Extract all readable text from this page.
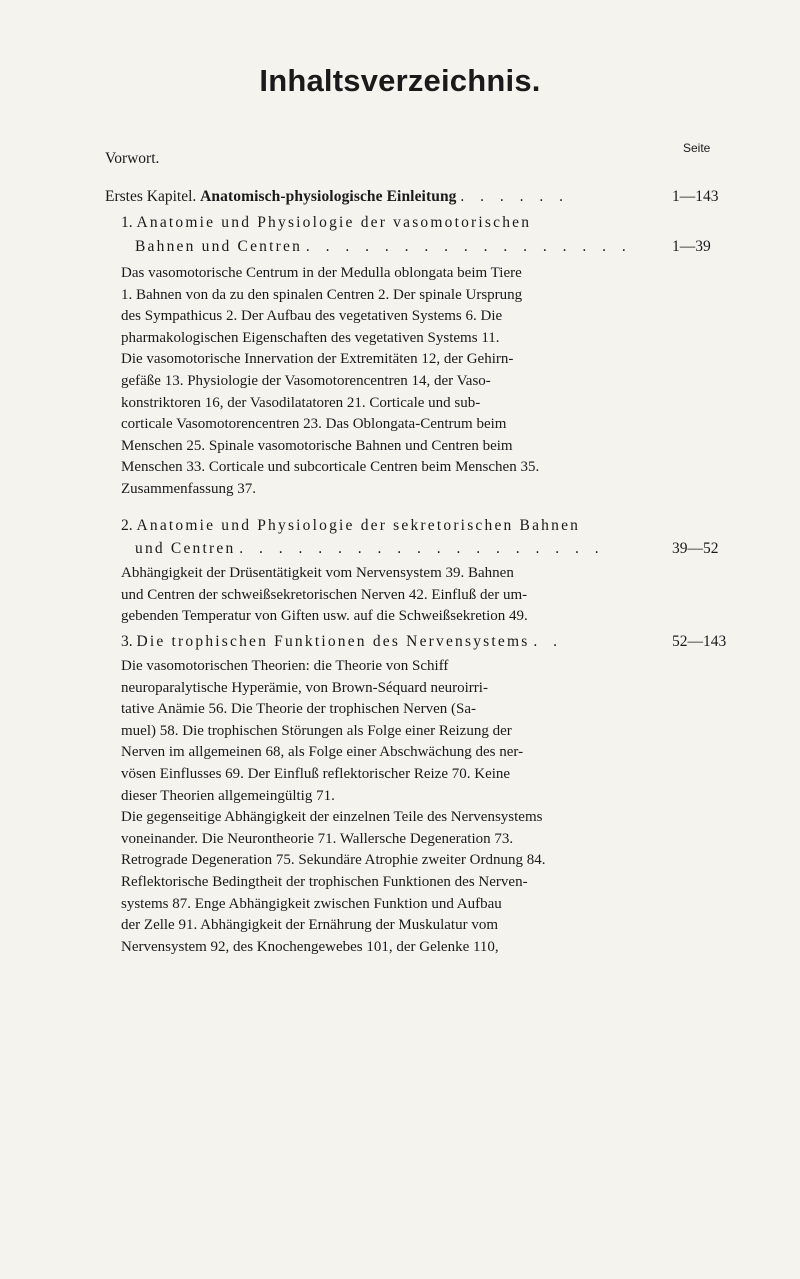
Inhaltsverzeichnis.
Seite
Vorwort.
Erstes Kapitel. Anatomisch-physiologische Einleitung . . . . . .	1—143
1. Anatomie und Physiologie der vasomotorischen
Bahnen und Centren . . . . . . . . . . . . . . . . .	1—39
Das vasomotorische Centrum in der Medulla oblongata beim Tiere
1. Bahnen von da zu den spinalen Centren 2. Der spinale Ursprung
des Sympathicus 2. Der Aufbau des vegetativen Systems 6. Die
pharmakologischen Eigenschaften des vegetativen Systems 11.
Die vasomotorische Innervation der Extremitäten 12, der Gehirn-
gefäße 13. Physiologie der Vasomotorencentren 14, der Vaso-
konstriktoren 16, der Vasodilatatoren 21. Corticale und sub-
corticale Vasomotorencentren 23. Das Oblongata-Centrum beim
Menschen 25. Spinale vasomotorische Bahnen und Centren beim
Menschen 33. Corticale und subcorticale Centren beim Menschen 35.
Zusammenfassung 37.
2. Anatomie und Physiologie der sekretorischen Bahnen
und Centren . . . . . . . . . . . . . . . . . . .	39—52
Abhängigkeit der Drüsentätigkeit vom Nervensystem 39. Bahnen
und Centren der schweißsekretorischen Nerven 42. Einfluß der um-
gebenden Temperatur von Giften usw. auf die Schweißsekretion 49.
3. Die trophischen Funktionen des Nervensystems . .	52—143
Die vasomotorischen Theorien: die Theorie von Schiff
neuroparalytische Hyperämie, von Brown-Séquard neuroirri-
tative Anämie 56. Die Theorie der trophischen Nerven (Sa-
muel) 58. Die trophischen Störungen als Folge einer Reizung der
Nerven im allgemeinen 68, als Folge einer Abschwächung des ner-
vösen Einflusses 69. Der Einfluß reflektorischer Reize 70. Keine
dieser Theorien allgemeingültig 71.
Die gegenseitige Abhängigkeit der einzelnen Teile des Nervensystems
voneinander. Die Neurontheorie 71. Wallersche Degeneration 73.
Retrograde Degeneration 75. Sekundäre Atrophie zweiter Ordnung 84.
Reflektorische Bedingtheit der trophischen Funktionen des Nerven-
systems 87. Enge Abhängigkeit zwischen Funktion und Aufbau
der Zelle 91. Abhängigkeit der Ernährung der Muskulatur vom
Nervensystem 92, des Knochengewebes 101, der Gelenke 110,
